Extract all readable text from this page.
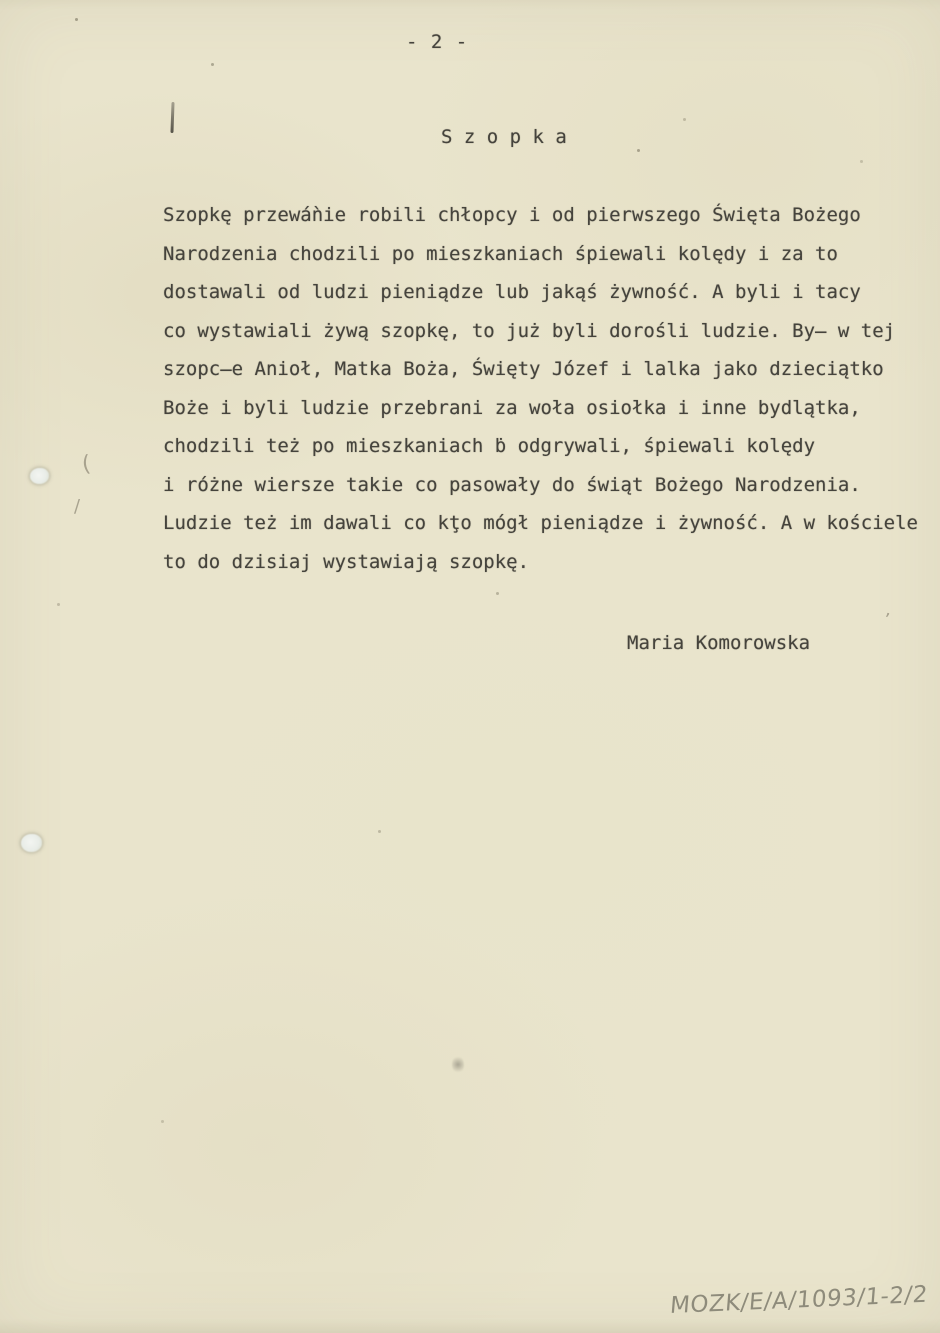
- 2 -
S z o p k a
Szopkę przewáǹie robili chłopcy i od pierwszego Święta Bożego
Narodzenia chodzili po mieszkaniach śpiewali kolędy i za to
dostawali od ludzi pieniądze lub jakąś żywność. A byli i tacy
co wystawiali żywą szopkę, to już byli dorośli ludzie. By̶ w tej
szopc̶e Anioł, Matka Boża, Święty Józef i lalka jako dzieciątko
Boże i byli ludzie przebrani za woła osiołka i inne bydlątka,
chodzili też po mieszkaniach ḃ odgrywali, śpiewali kolędy
i różne wiersze takie co pasowały do świąt Bożego Narodzenia.
Ludzie też im dawali co kţo mógł pieniądze i żywność. A w kościele
to do dzisiaj wystawiają szopkę.
Maria Komorowska
MOZK/E/A/1093/1-2/2
(
/
’
